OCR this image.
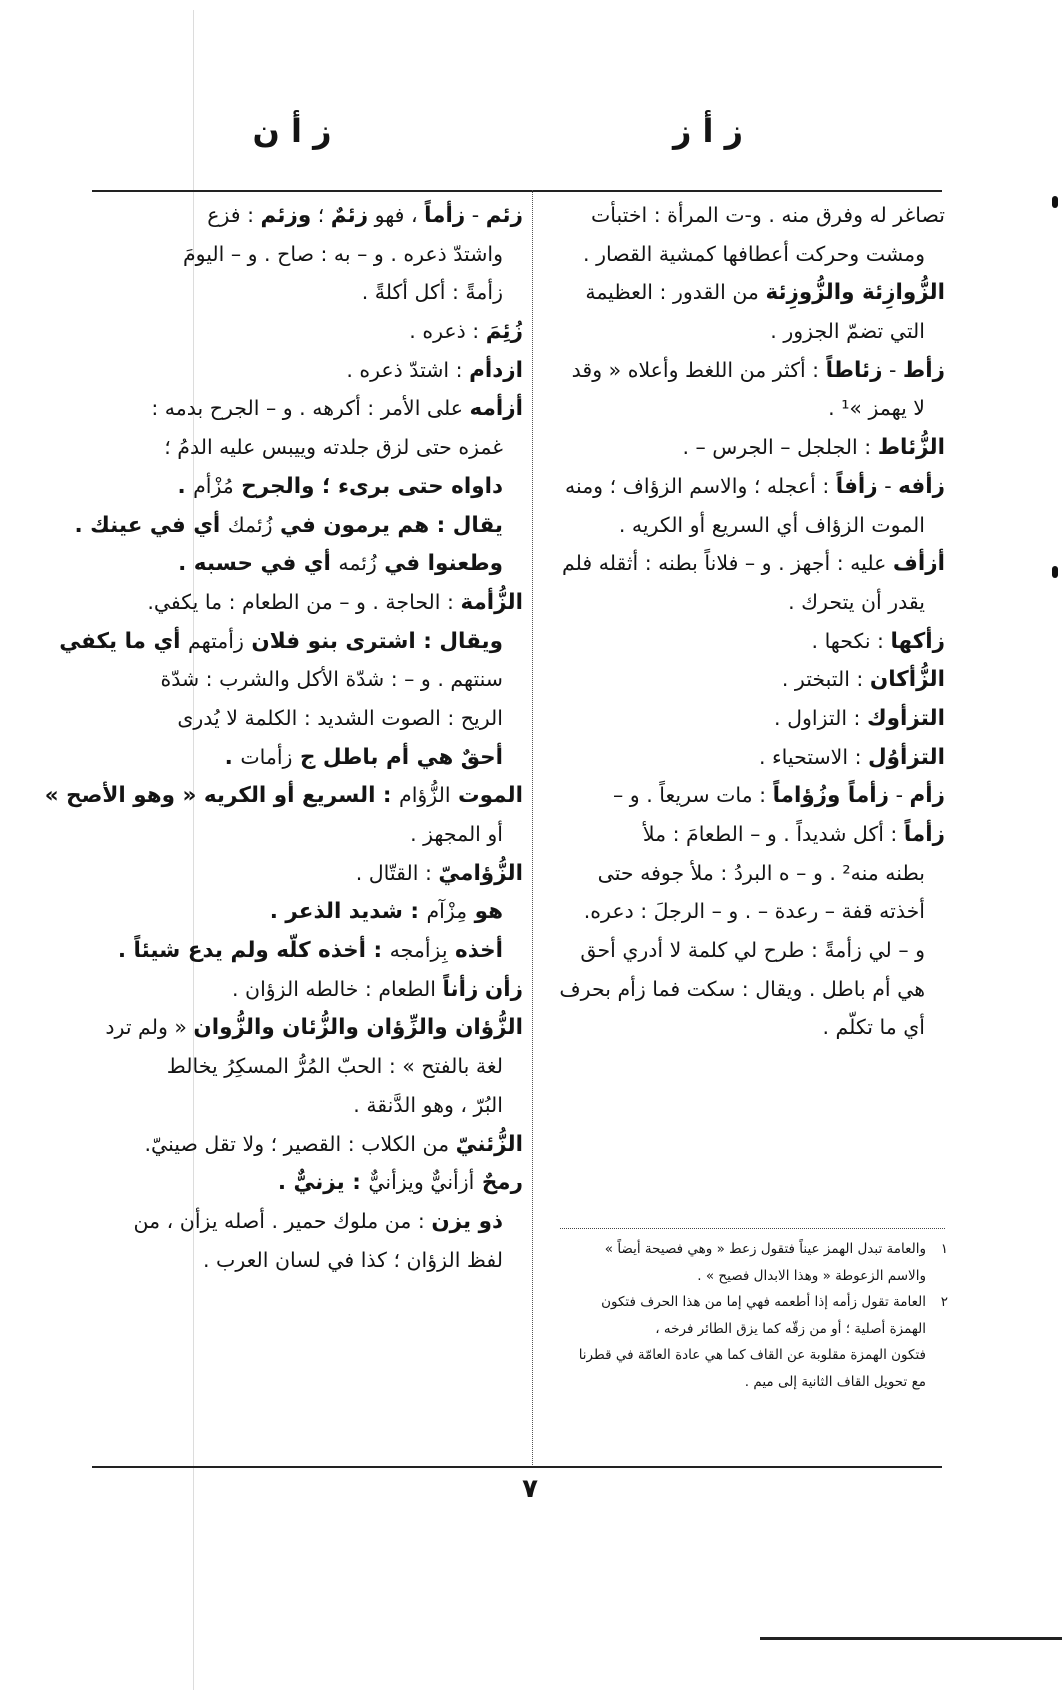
ز أ ز
ز أ ن
تصاغر له وفرق منه . و-ت المرأة : اختبأت
ومشت وحركت أعطافها كمشية القصار .
الزُّوازِئة والزُّوزِئة من القدور : العظيمة
التي تضمّ الجزور .
زأط - زئاطاً : أكثر من اللغط وأعلاه « وقد
لا يهمز »¹ .
الزُّئاط : الجلجل – الجرس – .
زأفه - زأفاً : أعجله ؛ والاسم الزؤاف ؛ ومنه
الموت الزؤاف أي السريع أو الكريه .
أزأف عليه : أجهز . و – فلاناً بطنه : أثقله فلم
يقدر أن يتحرك .
زأكها : نكحها .
الزُّأكان : التبختر .
التزأوك : التزاول .
التزأوُل : الاستحياء .
زأم - زأماً وزُؤاماً : مات سريعاً . و –
زأماً : أكل شديداً . و – الطعامَ : ملأ
بطنه منه² . و – ه البردُ : ملأ جوفه حتى
أخذته قفة – رعدة – . و – الرجلَ : دعره.
و – لي زأمةً : طرح لي كلمة لا أدري أحق
هي أم باطل . ويقال : سكت فما زأم بحرف
أي ما تكلّم .
زئم - زأماً ، فهو زئمٌ ؛ وزئم : فزع
واشتدّ ذعره . و – به : صاح . و – اليومَ
زأمةً : أكل أكلةً .
زُئِمَ : ذعره .
ازدأم : اشتدّ ذعره .
أزأمه على الأمر : أكرهه . و – الجرح بدمه :
غمزه حتى لزق جلدته وييبس عليه الدمُ ؛
داواه حتى برىء ؛ والجرح مُزْأم .
يقال : هم يرمون في زُئمك أي في عينك .
وطعنوا في زُئمه أي في حسبه .
الزُّأمة : الحاجة . و – من الطعام : ما يكفي.
ويقال : اشترى بنو فلان زأمتهم أي ما يكفي
سنتهم . و – : شدّة الأكل والشرب : شدّة
الريح : الصوت الشديد : الكلمة لا يُدرى
أحقٌ هي أم باطل ج زأمات .
الموت الزُّؤام : السريع أو الكريه « وهو الأصح »
أو المجهز .
الزُّؤاميّ : القتّال .
هو مِزْآم : شديد الذعر .
أخذه بِزأمجه : أخذه كلّه ولم يدع شيئاً .
زأن زأناً الطعام : خالطه الزؤان .
الزُّؤان والزِّؤان والزُّئان والزُّوان « ولم ترد
لغة بالفتح » : الحبّ المُرُّ المسكِرُ يخالط
البُرّ ، وهو الدَّنقة .
الزُّئنيّ من الكلاب : القصير ؛ ولا تقل صينيّ.
رمحٌ أزأنيٌّ ويزأنيٌّ : يزنيٌّ .
ذو يزن : من ملوك حمير . أصله يزأن ، من
لفظ الزؤان ؛ كذا في لسان العرب .	١والعامة تبدل الهمز عيناً فتقول زعط « وهي فصيحة أيضاً »
والاسم الزعوطة « وهذا الابدال فصيح » .
٢العامة تقول زأمه إذا أطعمه فهي إما من هذا الحرف فتكون
الهمزة أصلية ؛ أو من زقّه كما يزق الطائر فرخه ،
فتكون الهمزة مقلوبة عن القاف كما هي عادة العامّة في قطرنا
مع تحويل القاف الثانية إلى ميم .
٧
